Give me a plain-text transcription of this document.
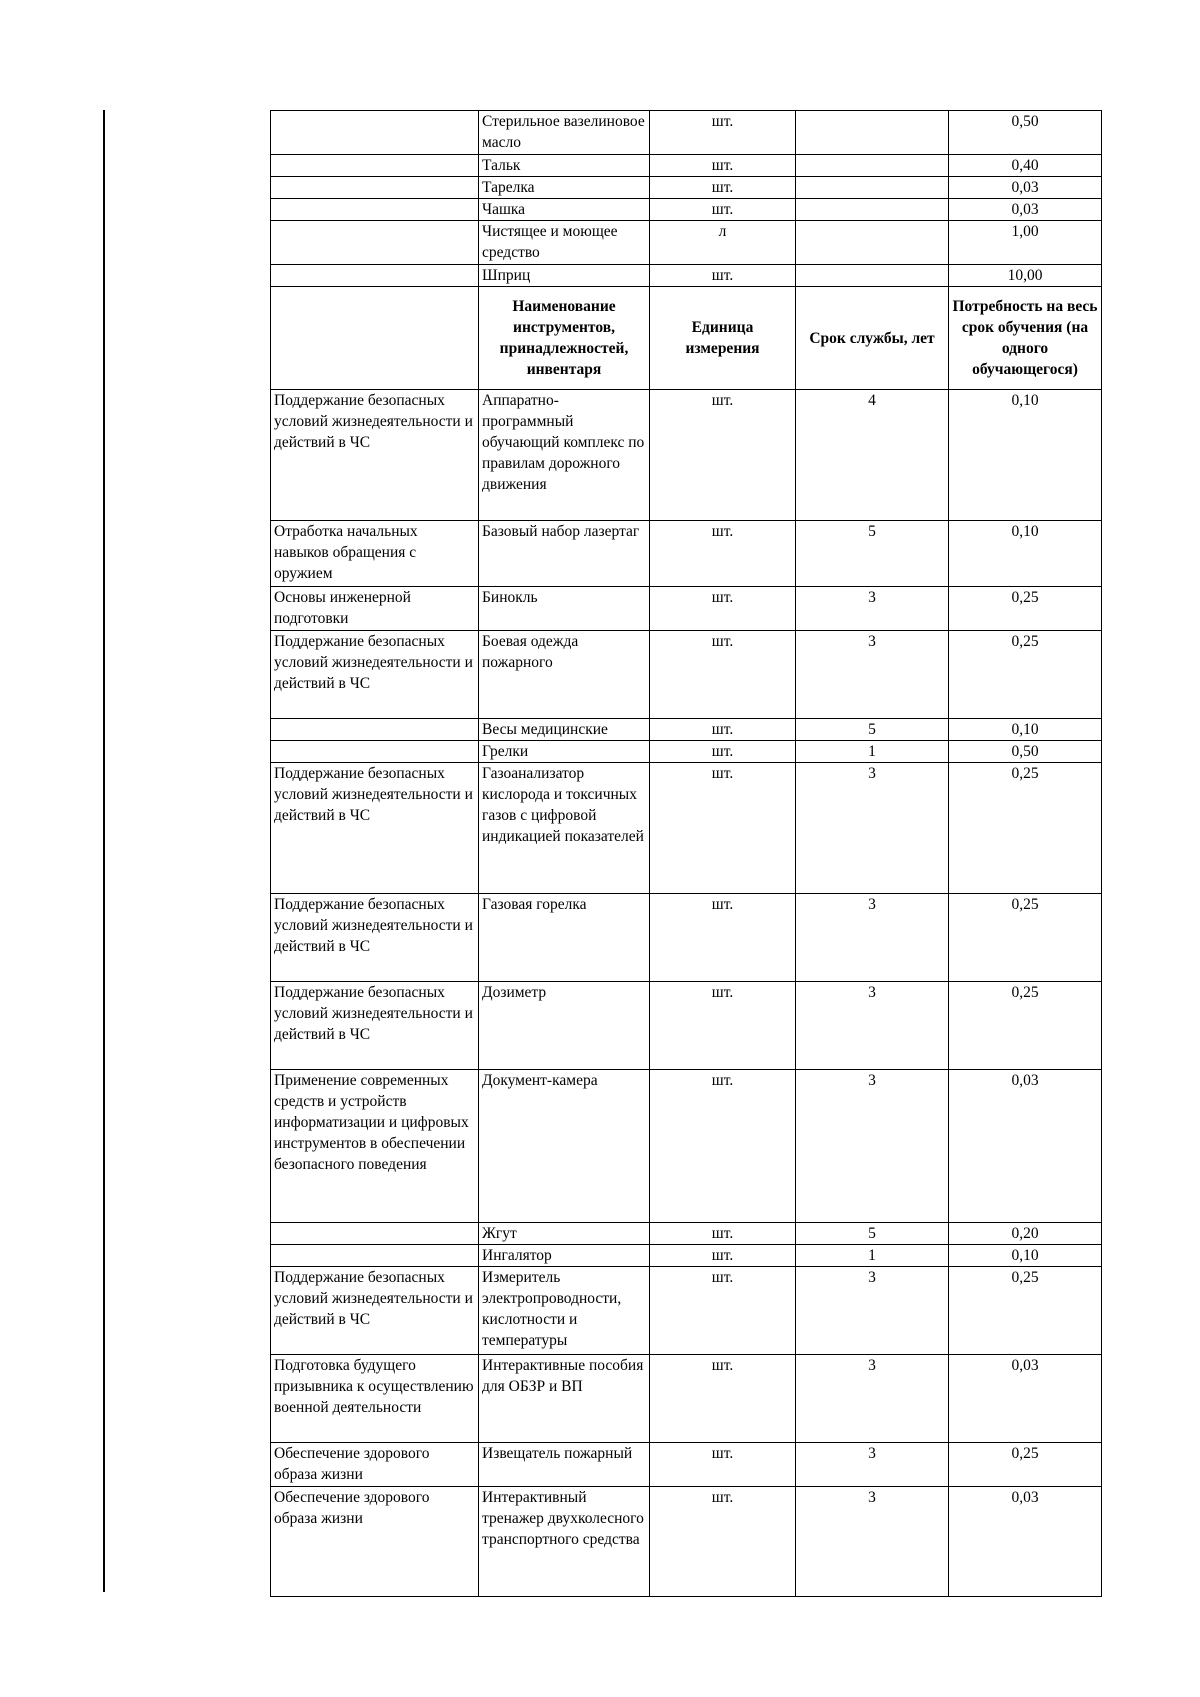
	Стерильное вазелиновое масло	шт.		0,50
	Тальк	шт.		0,40
	Тарелка	шт.		0,03
	Чашка	шт.		0,03
	Чистящее и моющее средство	л		1,00
	Шприц	шт.		10,00
	Наименование инструментов, принадлежностей, инвентаря	Единица измерения	Срок службы, лет	Потребность на весь срок обучения (на одного обучающегося)
Поддержание безопасных условий жизнедеятельности и действий в ЧС	Аппаратно-программный обучающий комплекс по правилам дорожного движения	шт.	4	0,10
Отработка начальных навыков обращения с оружием	Базовый набор лазертаг	шт.	5	0,10
Основы инженерной подготовки	Бинокль	шт.	3	0,25
Поддержание безопасных условий жизнедеятельности и действий в ЧС	Боевая одежда пожарного	шт.	3	0,25
	Весы медицинские	шт.	5	0,10
	Грелки	шт.	1	0,50
Поддержание безопасных условий жизнедеятельности и действий в ЧС	Газоанализатор кислорода и токсичных газов с цифровой индикацией показателей	шт.	3	0,25
Поддержание безопасных условий жизнедеятельности и действий в ЧС	Газовая горелка	шт.	3	0,25
Поддержание безопасных условий жизнедеятельности и действий в ЧС	Дозиметр	шт.	3	0,25
Применение современных средств и устройств информатизации и цифровых инструментов в обеспечении безопасного поведения	Документ-камера	шт.	3	0,03
	Жгут	шт.	5	0,20
	Ингалятор	шт.	1	0,10
Поддержание безопасных условий жизнедеятельности и действий в ЧС	Измеритель электропроводности, кислотности и температуры	шт.	3	0,25
Подготовка будущего призывника к осуществлению военной деятельности	Интерактивные пособия для ОБЗР и ВП	шт.	3	0,03
Обеспечение здорового образа жизни	Извещатель пожарный	шт.	3	0,25
Обеспечение здорового образа жизни	Интерактивный тренажер двухколесного транспортного средства	шт.	3	0,03
